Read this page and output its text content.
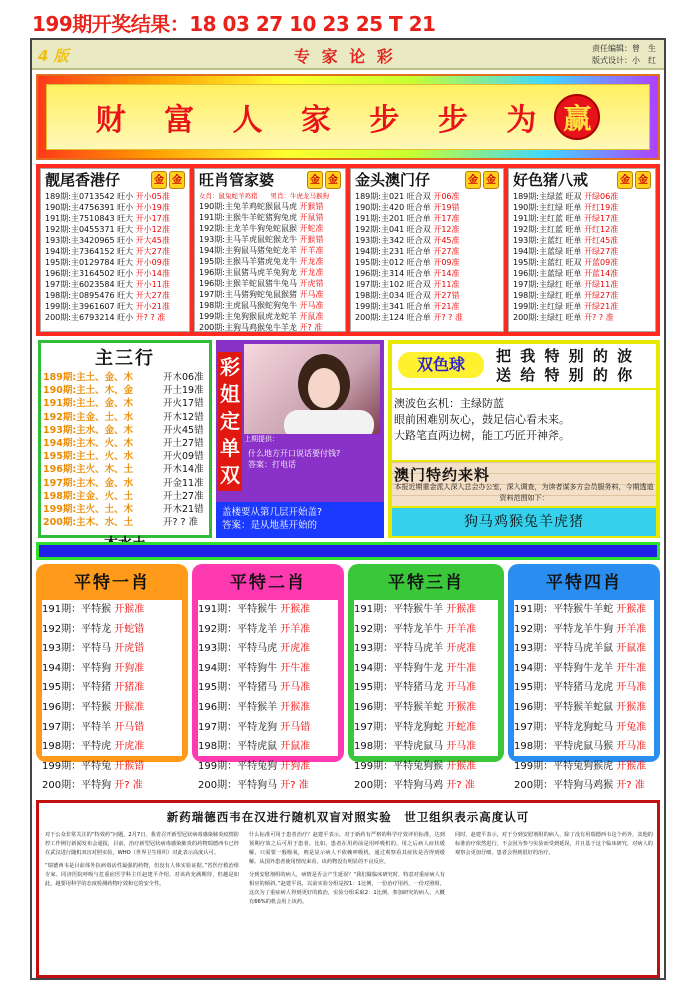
199期开奖结果：18 03 27 10 23 25 T 21
4 版	专 家 论 彩	责任编辑：曾　生
版式设计：小　红
财 富 人 家 步 步 为 赢
靓尾香港仔	金 金
189期:主0713542 旺小 开小05准
190期:主4756391 旺小 开小19准
191期:主7510843 旺大 开小17准
192期:主0455371 旺大 开小12准
193期:主3420965 旺小 开大45准
194期:主7364152 旺大 开大27准
195期:主0129784 旺大 开小09准
196期:主3164502 旺小 开小14准
197期:主6023584 旺大 开小11准
198期:主0895476 旺大 开大27准
199期:主3961607 旺大 开小21准
200期:主6793214 旺小 开? ? 准
旺肖管家婆	金 金
女肖：鼠兔蛇羊鸡猪　　男肖：牛虎龙马猴狗
190期:主兔羊鸡蛇猴鼠马虎 开猴错
191期:主猴牛羊蛇猪狗兔虎 开鼠错
192期:主龙羊牛狗兔蛇鼠猴 开蛇准
193期:主马羊虎鼠蛇猴龙牛 开猴错
194期:主狗鼠马猪兔蛇龙羊 开羊准
195期:主猴马羊猪虎兔龙牛 开龙准
196期:主鼠猪马虎羊兔狗龙 开龙准
196期:主猴羊蛇鼠猪牛兔马 开虎错
197期:主马猪狗蛇兔鼠猴猪 开马准
198期:主虎鼠马猴蛇狗兔牛 开马准
199期:主兔狗猴鼠虎龙蛇羊 开鼠准
200期:主狗马鸡猴兔牛羊龙 开? 准
金头澳门仔	金 金
189期:主021 旺合双 开06准
190期:主420 旺合单 开19错
191期:主201 旺合单 开17准
192期:主041 旺合双 开12准
193期:主342 旺合双 开45准
194期:主231 旺合单 开27准
195期:主012 旺合单 开09准
196期:主314 旺合单 开14准
197期:主102 旺合双 开11准
198期:主034 旺合双 开27错
199期:主341 旺合单 开21准
200期:主124 旺合单 开? ? 准
好色猪八戒	金 金
189期:主绿蓝 旺双 开绿06准
190期:主红绿 旺单 开红19准
191期:主红蓝 旺单 开绿17准
192期:主红蓝 旺单 开红12准
193期:主蓝红 旺单 开红45准
194期:主蓝绿 旺单 开绿27准
195期:主蓝红 旺双 开蓝09准
196期:主蓝绿 旺单 开蓝14准
197期:主绿红 旺单 开绿11准
198期:主绿红 旺单 开绿27准
199期:主红绿 旺单 开绿21准
200期:主绿红 旺单 开? ? 准
主三行
189期:主土、金、木	开木06准
190期:主土、木、金	开土19准
191期:主土、金、木	开火17错
192期:主金、土、水	开木12错
193期:主水、金、木	开火45错
194期:主木、火、木	开土27错
195期:主土、火、水	开火09错
196期:主火、木、土	开木14准
197期:主木、金、水	开金11准
198期:主金、火、土	开土27准
199期:主火、土、木	开木21错
200期:主木、水、土	开? ? 准
彩
姐
定
单
双
上期提供：
什么地方开口说话要付钱?
答案：打电话
盖楼要从第几层开始盖?
答案：是从地基开始的
双色球	把 我 特 别 的 波
送 给 特 别 的 你
澳波色玄机：主绿防蓝
眼前困难别灰心，鼓足信心看未来。
大路笔直两边树，能工巧匠开神斧。
澳门特约来料
本报近期重金派人深入总会办公室，深入调查，为读者谋多方会员服务料，今期透道资料范围如下：
狗马鸡猴兔羊虎猪
平特一肖
191期：平特猴 开猴准
192期：平特龙 开蛇错
193期：平特马 开虎错
194期：平特狗 开狗准
195期：平特猪 开猪准
196期：平特猴 开猴准
197期：平特羊 开马错
198期：平特虎 开虎准
199期：平特兔 开猴错
200期：平特狗 开? 准
平特二肖
191期：平特猴牛 开猴准
192期：平特龙羊 开羊准
193期：平特马虎 开虎准
194期：平特狗牛 开牛准
195期：平特猪马 开马准
196期：平特猴羊 开猴准
197期：平特龙狗 开马错
198期：平特虎鼠 开鼠准
199期：平特兔狗 开狗准
200期：平特狗马 开? 准
平特三肖
191期：平特猴牛羊 开猴准
192期：平特龙羊牛 开羊准
193期：平特马虎羊 开虎准
194期：平特狗牛龙 开牛准
195期：平特猪马龙 开马准
196期：平特猴羊蛇 开猴准
197期：平特龙狗蛇 开蛇准
198期：平特虎鼠马 开马准
199期：平特兔狗猴 开猴准
200期：平特狗马鸡 开? 准
平特四肖
191期：平特猴牛羊蛇 开猴准
192期：平特龙羊牛狗 开羊准
193期：平特马虎羊鼠 开鼠准
194期：平特狗牛龙羊 开牛准
195期：平特猪马龙虎 开马准
196期：平特猴羊蛇鼠 开猴准
197期：平特龙狗蛇马 开兔准
198期：平特虎鼠马猴 开马准
199期：平特兔狗猴虎 开猴准
200期：平特狗马鸡猴 开? 准
新药瑞德西韦在汉进行随机双盲对照实验　世卫组织表示高度认可

对于公众非常关注的“特效药”问题，2月7日，我省召开新型冠状病毒感染肺炎疫情防控工作例行新闻发布会通报，目前，治疗新型冠状病毒感染肺炎的药物瑞德西韦已经在武汉进行随机双盲对照实验，WHO（世界卫生组织）对此表示高度认可。

“瑞德西韦是目前体外抗病毒活性最强的药物，但没有人体实验证据。”省医疗救治组专家、同济医院呼吸与危重症医学科主任赵建平介绍，对该药充满期待，但越是如此，越要用科学的态度检测药物疗效和它的安全性。

什么标准可用于患者治疗？赵建平表示，对于新药有严格的科学疗效评价标准，达到预期疗效之后可用于患者。比如，患者在用药前是用呼吸机的，用之后病人症状缓解，只需要一般吸氧，则是显示病人不依赖呼吸机，通过观察看其症状是否得到缓解。从国外患者使用情况来看，该药物没有明显的不良反应。

分到安慰剂组的病人，病情是否会产生延误？“我们做临床研究时，特意对重症病人有相应的倾斜。”赵建平说，以前实验分组是按1：1比例，一份治疗用药，一份对照组，这次为了重症病人得到更好的救治，实验分组采取2：1比例，参加研究的病人，大概有66%的机会用上该药。

同时，赵建平表示，对于分到安慰剂组的病人，除了没有用瑞德西韦这个药外，其他的标准治疗依然进行，不会因为参与实验而受到延误，并且基于这个临床研究，对病人的观察会更加仔细，患者会得到很好的治疗。
